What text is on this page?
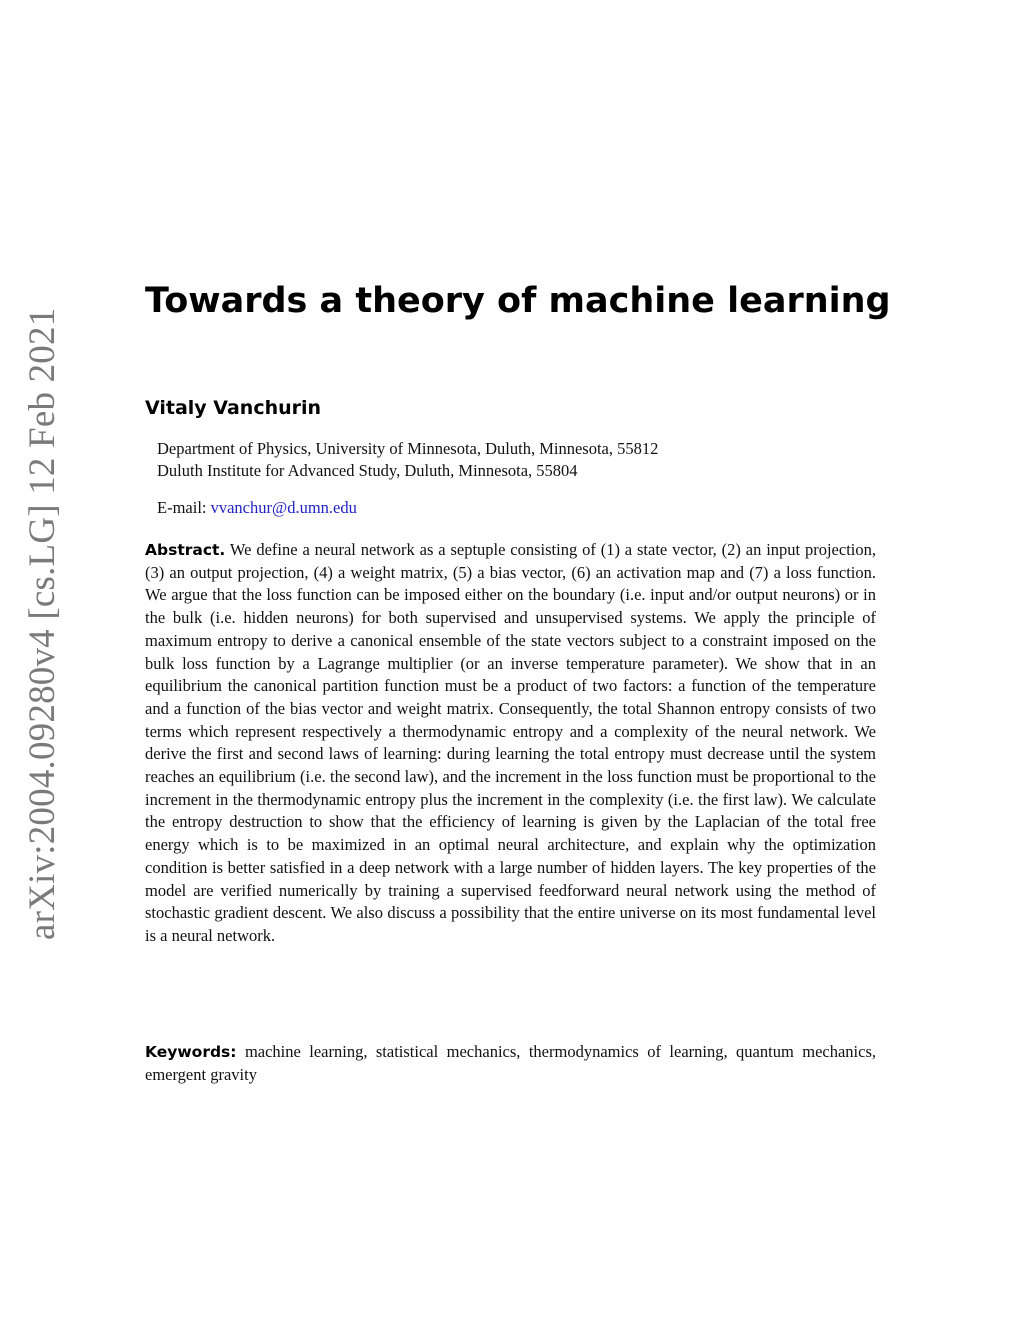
arXiv:2004.09280v4 [cs.LG] 12 Feb 2021
Towards a theory of machine learning
Vitaly Vanchurin
Department of Physics, University of Minnesota, Duluth, Minnesota, 55812
Duluth Institute for Advanced Study, Duluth, Minnesota, 55804
E-mail: vvanchur@d.umn.edu

Abstract. We define a neural network as a septuple consisting of (1) a state vector, (2) an input projection, (3) an output projection, (4) a weight matrix, (5) a bias vector, (6) an activation map and (7) a loss function. We argue that the loss function can be imposed either on the boundary (i.e. input and/or output neurons) or in the bulk (i.e. hidden neurons) for both supervised and unsupervised systems. We apply the principle of maximum entropy to derive a canonical ensemble of the state vectors subject to a constraint imposed on the bulk loss function by a Lagrange multiplier (or an inverse temperature parameter). We show that in an equilibrium the canonical partition function must be a product of two factors: a function of the temperature and a function of the bias vector and weight matrix. Consequently, the total Shannon entropy consists of two terms which represent respectively a thermodynamic entropy and a complexity of the neural network. We derive the first and second laws of learning: during learning the total entropy must decrease until the system reaches an equilibrium (i.e. the second law), and the increment in the loss function must be proportional to the increment in the thermodynamic entropy plus the increment in the complexity (i.e. the first law). We calculate the entropy destruction to show that the efficiency of learning is given by the Laplacian of the total free energy which is to be maximized in an optimal neural architecture, and explain why the optimization condition is better satisfied in a deep network with a large number of hidden layers. The key properties of the model are verified numerically by training a supervised feedforward neural network using the method of stochastic gradient descent. We also discuss a possibility that the entire universe on its most fundamental level is a neural network.

Keywords: machine learning, statistical mechanics, thermodynamics of learning, quantum mechanics, emergent gravity
